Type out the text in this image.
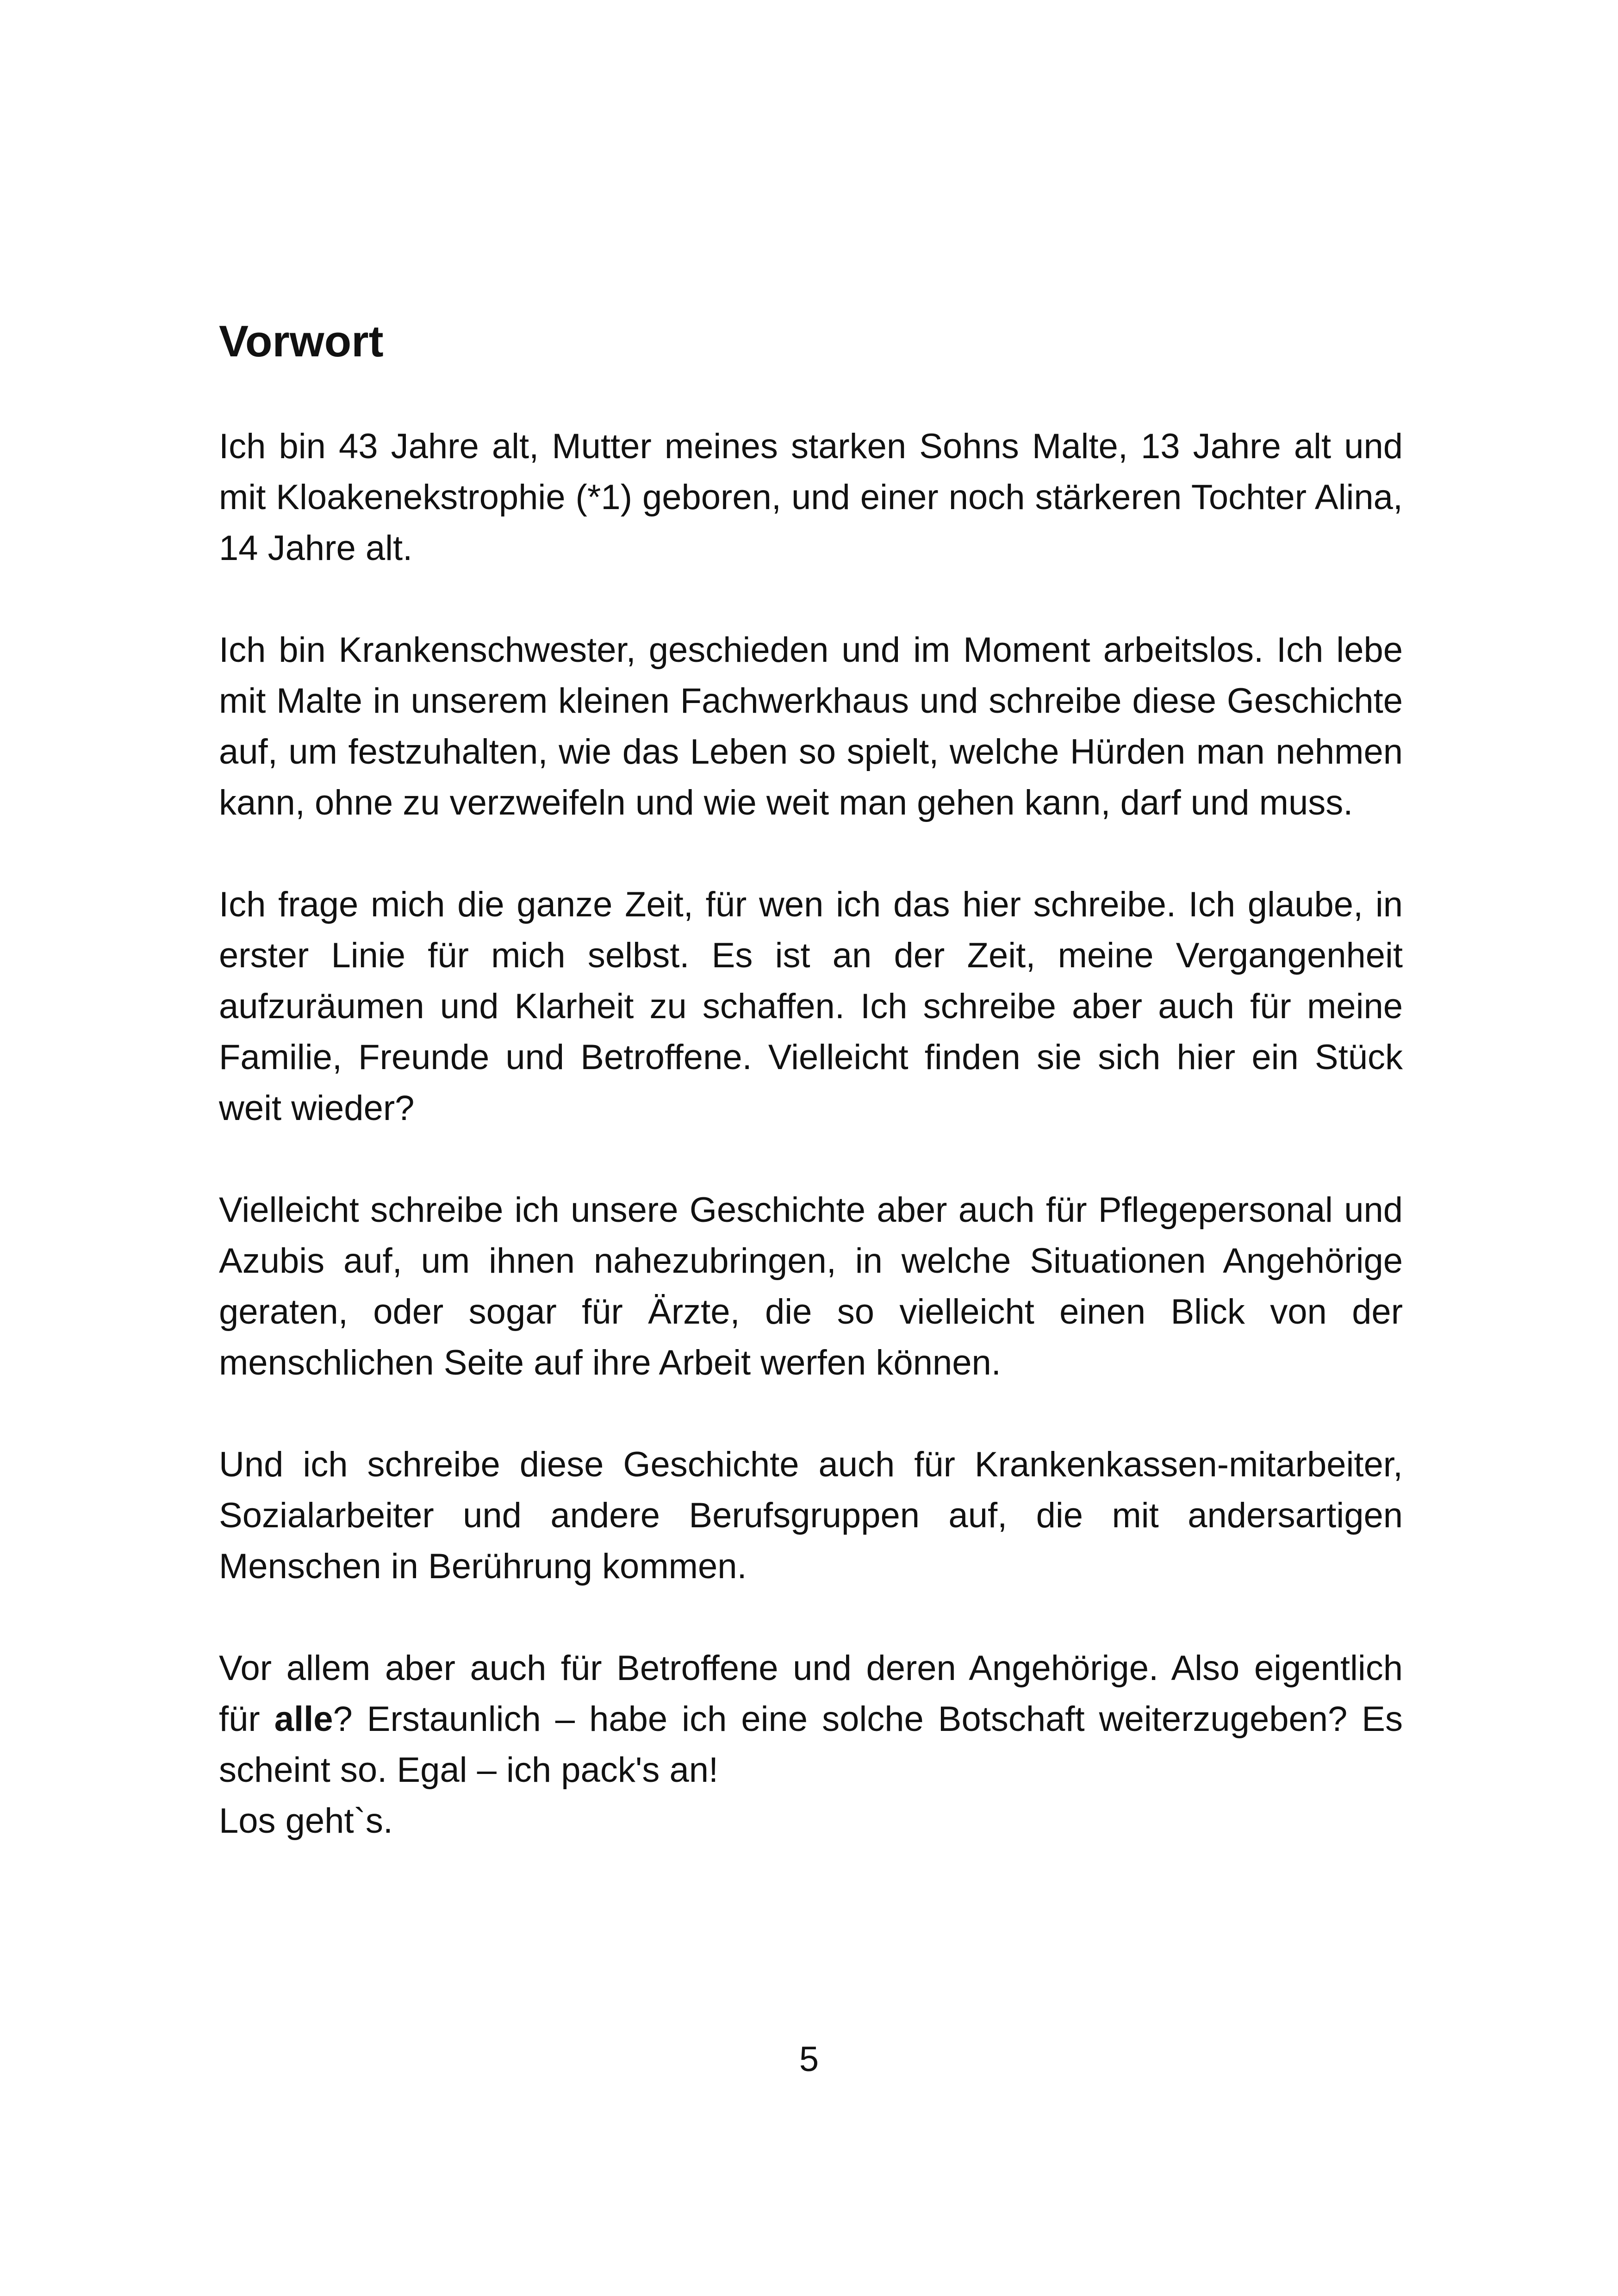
Vorwort

Ich bin 43 Jahre alt, Mutter meines starken Sohns Malte, 13 Jahre alt und mit Kloakenekstrophie (*1) geboren, und einer noch stärkeren Tochter Alina, 14 Jahre alt.

Ich bin Krankenschwester, geschieden und im Moment arbeitslos. Ich lebe mit Malte in unserem kleinen Fachwerkhaus und schreibe diese Geschichte auf, um festzuhalten, wie das Leben so spielt, welche Hürden man nehmen kann, ohne zu verzweifeln und wie weit man gehen kann, darf und muss.

Ich frage mich die ganze Zeit, für wen ich das hier schreibe. Ich glaube, in erster Linie für mich selbst. Es ist an der Zeit, meine Vergangenheit aufzuräumen und Klarheit zu schaffen. Ich schreibe aber auch für meine Familie, Freunde und Betroffene. Vielleicht finden sie sich hier ein Stück weit wieder?

Vielleicht schreibe ich unsere Geschichte aber auch für Pflegepersonal und Azubis auf, um ihnen nahezubringen, in welche Situationen Angehörige geraten, oder sogar für Ärzte, die so vielleicht einen Blick von der menschlichen Seite auf ihre Arbeit werfen können.

Und ich schreibe diese Geschichte auch für Krankenkassen-mitarbeiter, Sozialarbeiter und andere Berufsgruppen auf, die mit andersartigen Menschen in Berührung kommen.

Vor allem aber auch für Betroffene und deren Angehörige. Also eigentlich für alle? Erstaunlich – habe ich eine solche Botschaft weiterzugeben? Es scheint so. Egal – ich pack's an!
Los geht`s.

5
